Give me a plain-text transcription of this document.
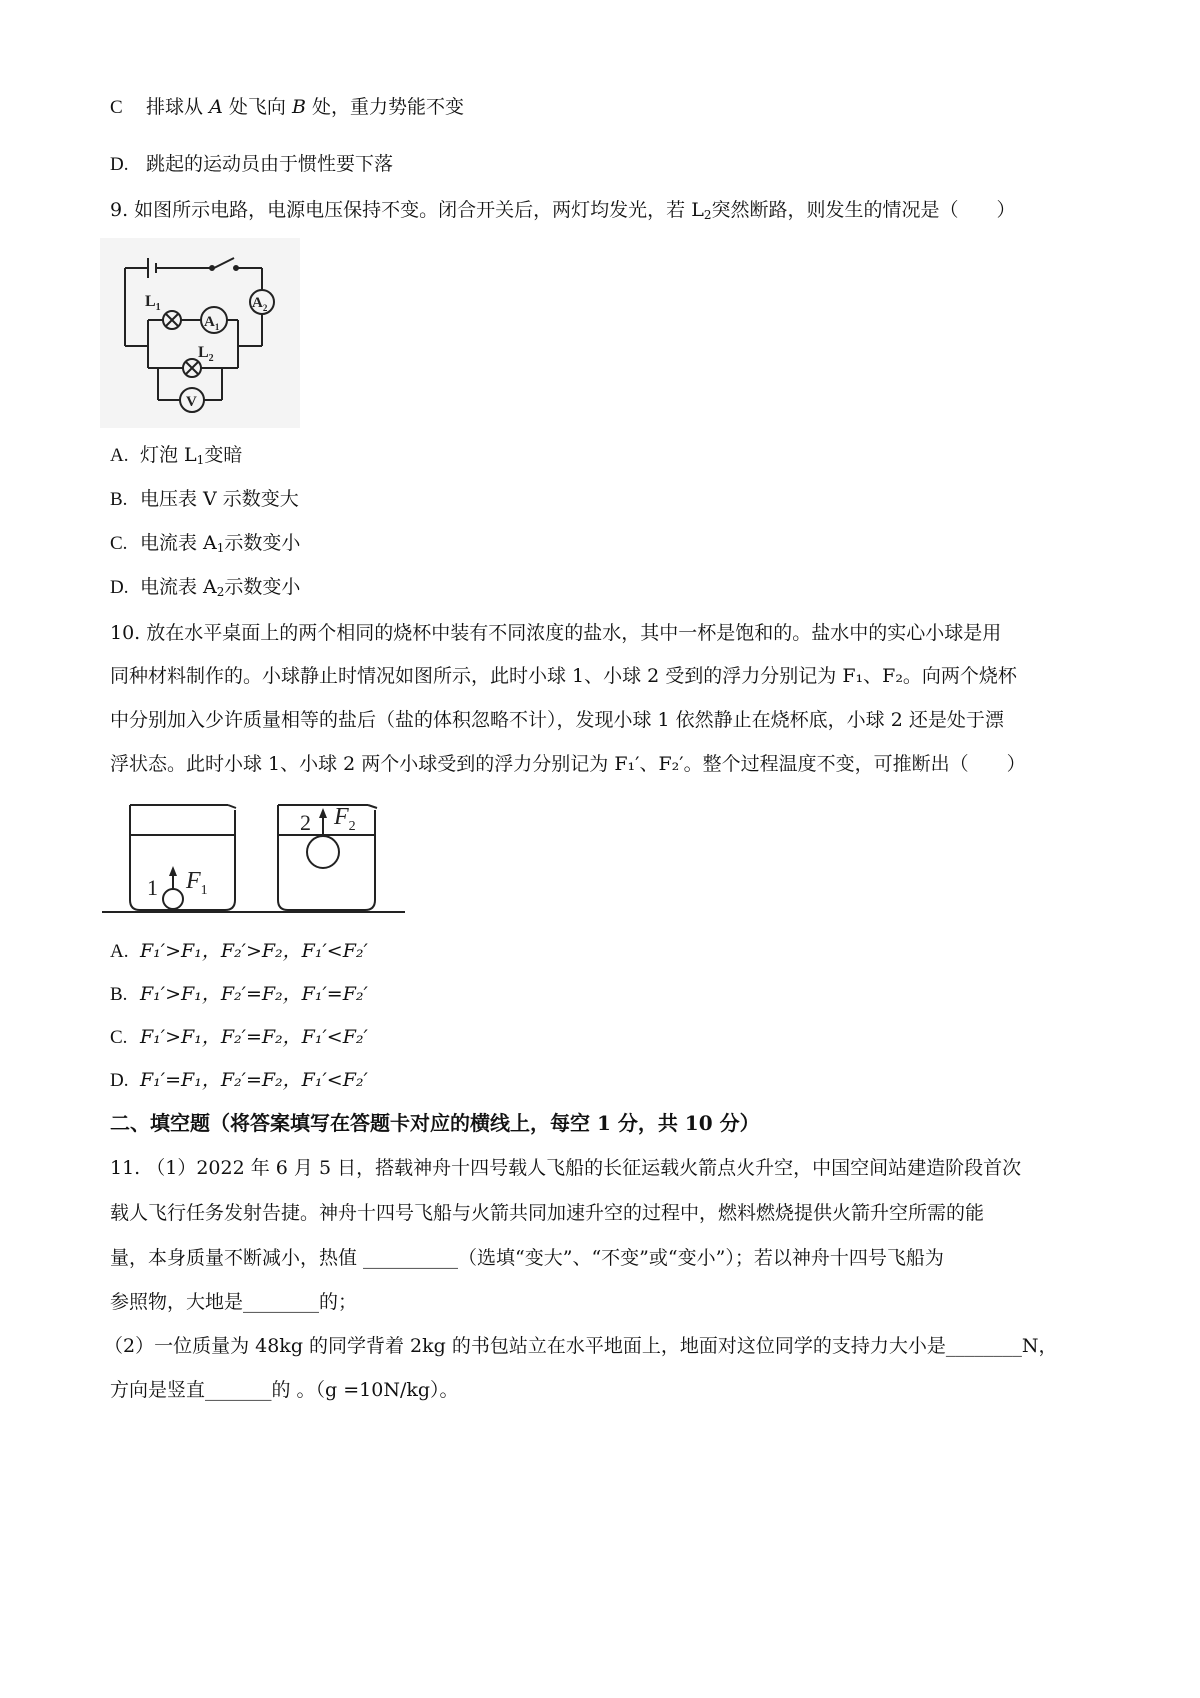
C 排球从 A 处飞向 B 处，重力势能不变
D. 跳起的运动员由于惯性要下落
9. 如图所示电路，电源电压保持不变。闭合开关后，两灯均发光，若 $L_2$突然断路，则发生的情况是（　　）
$L_1$
$L_2$
$A_1$
$A_2$
V
A. 灯泡 $L_1$变暗
B. 电压表 V 示数变大
C. 电流表 $A_1$示数变小
D. 电流表 $A_2$示数变小
10. 放在水平桌面上的两个相同的烧杯中装有不同浓度的盐水，其中一杯是饱和的。盐水中的实心小球是用
同种材料制作的。小球静止时情况如图所示，此时小球 1、小球 2 受到的浮力分别记为 F₁、F₂。向两个烧杯
中分别加入少许质量相等的盐后（盐的体积忽略不计），发现小球 1 依然静止在烧杯底，小球 2 还是处于漂
浮状态。此时小球 1、小球 2 两个小球受到的浮力分别记为 F₁′、F₂′。整个过程温度不变，可推断出（　　）
1 $F_1$
2 $F_2$
A. F₁′>F₁，F₂′>F₂，F₁′<F₂′
B. F₁′>F₁，F₂′=F₂，F₁′=F₂′
C. F₁′>F₁，F₂′=F₂，F₁′<F₂′
D. F₁′=F₁，F₂′=F₂，F₁′<F₂′
二、填空题（将答案填写在答题卡对应的横线上，每空 1 分，共 10 分）
11. （1）2022 年 6 月 5 日，搭载神舟十四号载人飞船的长征运载火箭点火升空，中国空间站建造阶段首次
载人飞行任务发射告捷。神舟十四号飞船与火箭共同加速升空的过程中，燃料燃烧提供火箭升空所需的能
量，本身质量不断减小，热值 __________（选填“变大”、“不变”或“变小”）；若以神舟十四号飞船为
参照物，大地是________的；
（2）一位质量为 48kg 的同学背着 2kg 的书包站立在水平地面上，地面对这位同学的支持力大小是________N，
方向是竖直_______的 。（g =10N/kg）。
